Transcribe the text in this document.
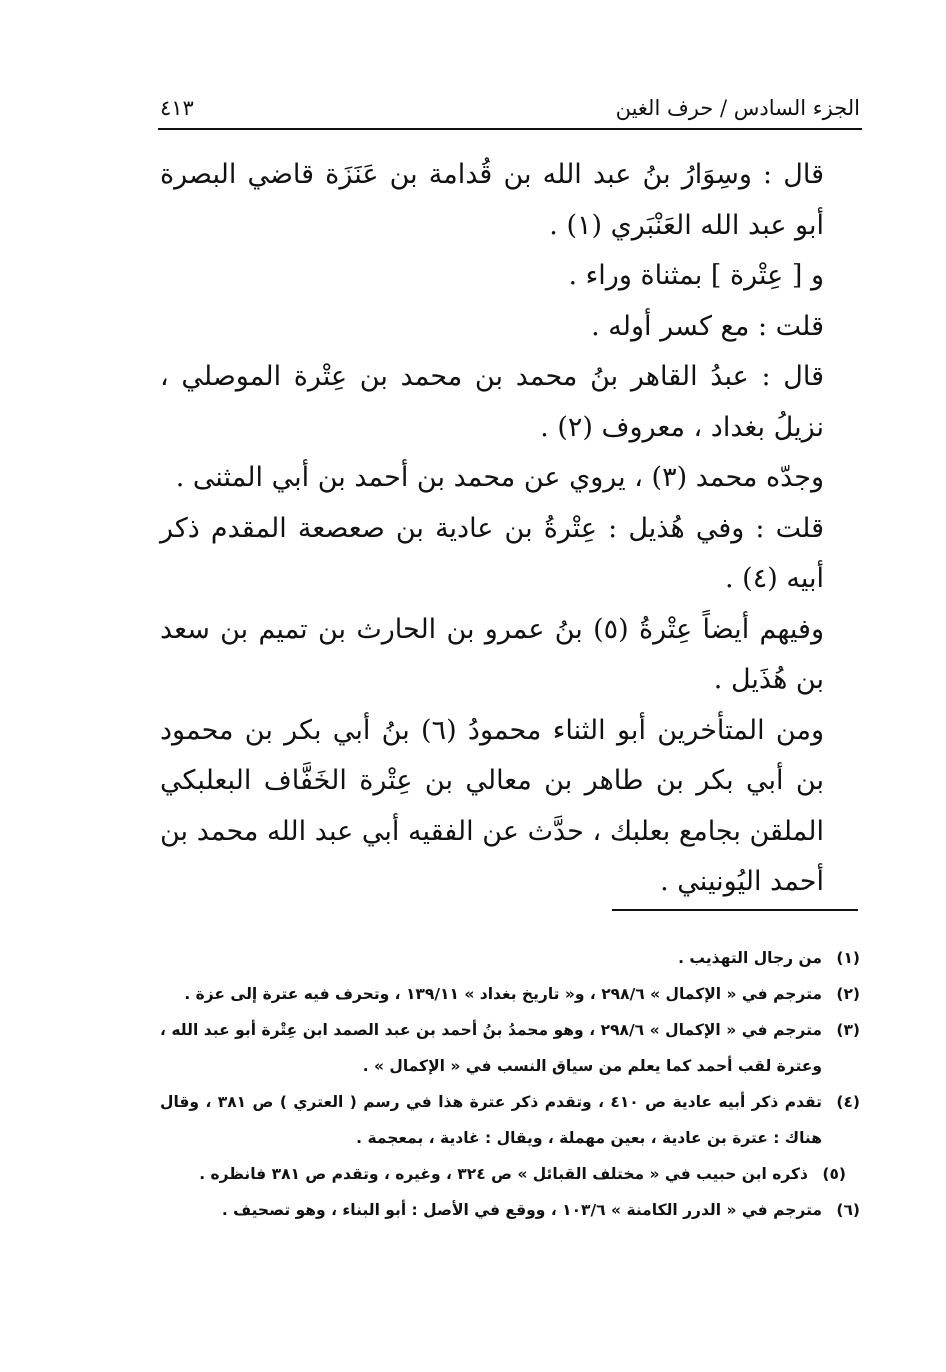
الجزء السادس / حرف الغين
٤١٣

قال : وسِوَارُ بنُ عبد الله بن قُدامة بن عَنَزَة قاضي البصرة أبو عبد الله العَنْبَري (١) .

و [ عِتْرة ] بمثناة وراء .

قلت : مع كسر أوله .

قال : عبدُ القاهر بنُ محمد بن محمد بن عِتْرة الموصلي ، نزيلُ بغداد ، معروف (٢) .

وجدّه محمد (٣) ، يروي عن محمد بن أحمد بن أبي المثنى .

قلت : وفي هُذيل : عِتْرةُ بن عادية بن صعصعة المقدم ذكر أبيه (٤) .

وفيهم أيضاً عِتْرةُ (٥) بنُ عمرو بن الحارث بن تميم بن سعد بن هُذَيل .

ومن المتأخرين أبو الثناء محمودُ (٦) بنُ أبي بكر بن محمود بن أبي بكر بن طاهر بن معالي بن عِتْرة الخَفَّاف البعلبكي الملقن بجامع بعلبك ، حدَّث عن الفقيه أبي عبد الله محمد بن أحمد اليُونيني .

(١)
من رجال التهذيب .
(٢)
مترجم في « الإكمال » ٢٩٨/٦ ، و« تاريخ بغداد » ١٣٩/١١ ، وتحرف فيه عترة إلى عزة .
(٣)
مترجم في « الإكمال » ٢٩٨/٦ ، وهو محمدُ بنُ أحمد بن عبد الصمد ابن عِتْرة أبو عبد الله ، وعترة لقب أحمد كما يعلم من سياق النسب في « الإكمال » .
(٤)
تقدم ذكر أبيه عادية ص ٤١٠ ، وتقدم ذكر عترة هذا في رسم ( العتري ) ص ٣٨١ ، وقال هناك : عترة بن عادية ، بعين مهملة ، ويقال : غادية ، بمعجمة .
(٥)
ذكره ابن حبيب في « مختلف القبائل » ص ٣٢٤ ، وغيره ، وتقدم ص ٣٨١ فانظره .
(٦)
مترجم في « الدرر الكامنة » ١٠٣/٦ ، ووقع في الأصل : أبو البناء ، وهو تصحيف .
